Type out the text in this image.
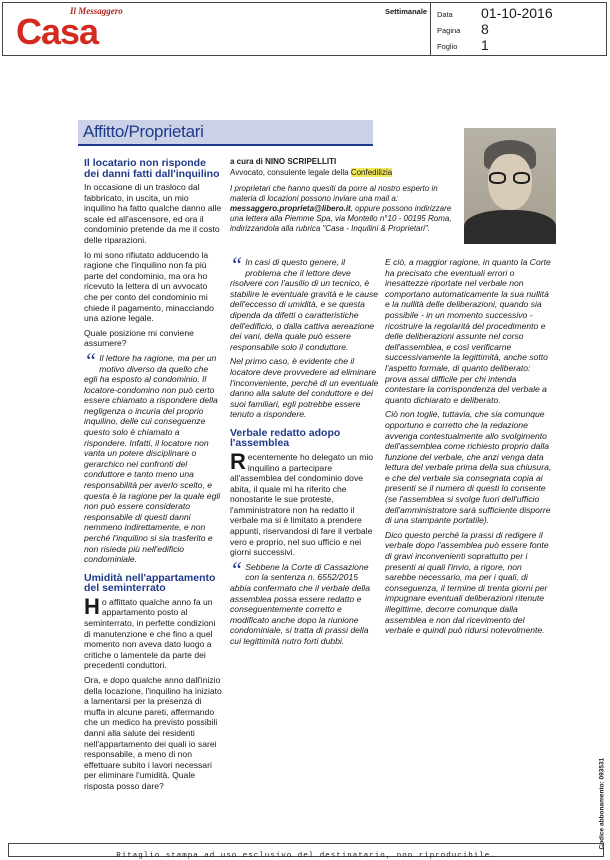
Il Messaggero
Casa	Settimanale Data 01-10-2016
Pagina 8
Foglio 1
Affitto/Proprietari
a cura di NINO SCRIPELLITI
Avvocato, consulente legale della Confedilizia
I proprietari che hanno quesiti da porre al nostro esperto in materia di locazioni possono inviare una mail a: messaggero.proprieta@libero.it, oppure possono indirizzare una lettera alla Piemme Spa, via Montello n°10 - 00195 Roma, indirizzandola alla rubrica "Casa - Inquilini & Proprietari".
Il locatario non risponde dei danni fatti dall'inquilino

In occasione di un trasloco dal fabbricato, in uscita, un mio inquilino ha fatto qualche danno alle scale ed all'ascensore, ed ora il condominio pretende da me il costo delle riparazioni.

Io mi sono rifiutato adducendo la ragione che l'inquilino non fa più parte del condominio, ma ora ho ricevuto la lettera di un avvocato che per conto del condominio mi chiede il pagamento, minacciando una azione legale.

Quale posizione mi conviene assumere?

“ Il lettore ha ragione, ma per un motivo diverso da quello che egli ha esposto al condominio. Il locatore-condomino non può certo essere chiamato a rispondere della negligenza o incuria del proprio inquilino, delle cui conseguenze questo solo è chiamato a rispondere. Infatti, il locatore non vanta un potere disciplinare o gerarchico nei confronti del conduttore e tanto meno una responsabilità per averlo scelto, e questa è la ragione per la quale egli non può essere considerato responsabile di questi danni nemmeno indirettamente, e non perché l'inquilino si sia trasferito e non risieda più nell'edificio condominiale.

Umidità nell'appartamento del seminterrato

Ho affittato qualche anno fa un appartamento posto al seminterrato, in perfette condizioni di manutenzione e che fino a quel momento non aveva dato luogo a critiche o lamentele da parte dei precedenti conduttori.

Ora, e dopo qualche anno dall'inizio della locazione, l'inquilino ha iniziato a lamentarsi per la presenza di muffa in alcune pareti, affermando che un medico ha previsto possibili danni alla salute dei residenti nell'appartamento dei quali io sarei responsabile, a meno di non effettuare subito i lavori necessari per eliminare l'umidità. Quale risposta posso dare?

“ In casi di questo genere, il problema che il lettore deve risolvere con l'ausilio di un tecnico, è stabilire le eventuale gravità e le cause dell'eccesso di umidità, e se questa dipenda da difetti o caratteristiche dell'edificio, o dalla cattiva aereazione dei vani, della quale può essere responsabile solo il conduttore.

Nel primo caso, è evidente che il locatore deve provvedere ad eliminare l'inconveniente, perché di un eventuale danno alla salute del conduttore e dei suoi familiari, egli potrebbe essere tenuto a rispondere.

Verbale redatto adopo l'assemblea

Recentemente ho delegato un mio inquilino a partecipare all'assemblea del condominio dove abita, il quale mi ha riferito che nonostante le sue proteste, l'amministratore non ha redatto il verbale ma si è limitato a prendere appunti, riservandosi di fare il verbale vero e proprio, nel suo ufficio e nei giorni successivi.

“ Sebbene la Corte di Cassazione con la sentenza n. 6552/2015 abbia confermato che il verbale della assemblea possa essere redatto e conseguentemente corretto e modificato anche dopo la riunione condominiale, si tratta di prassi della cui legittimità nutro forti dubbi.

E ciò, a maggior ragione, in quanto la Corte ha precisato che eventuali errori o inesattezze riportate nel verbale non comportano automaticamente la sua nullità e la nullità delle deliberazioni, quando sia possibile - in un momento successivo - ricostruire la regolarità del procedimento e delle deliberazioni assunte nel corso dell'assemblea, e così verificarne successivamente la legittimità, anche sotto l'aspetto formale, di quanto deliberato: prova assai difficile per chi intenda contestare la corrispondenza del verbale a quanto dichiarato e deliberato.

Ciò non toglie, tuttavia, che sia comunque opportuno e corretto che la redazione avvenga contestualmente allo svolgimento dell'assemblea come richiesto proprio dalla funzione del verbale, che anzi venga data lettura del verbale prima della sua chiusura, e che del verbale sia consegnata copia ai presenti se il numero di questi lo consente (se l'assemblea si svolge fuori dell'ufficio dell'amministratore sarà sufficiente disporre di una stampante portatile).

Dico questo perché la prassi di redigere il verbale dopo l'assemblea può essere fonte di gravi inconvenienti soprattutto per i presenti ai quali l'invio, a rigore, non sarebbe necessario, ma per i quali, di conseguenza, il termine di trenta giorni per impugnare eventuali deliberazioni ritenute illegittime, decorre comunque dalla assemblea e non dal ricevimento del verbale e quindi può ridursi notevolmente.

Codice abbonamento: 093531
Ritaglio stampa ad uso esclusivo del destinatario, non riproducibile.
